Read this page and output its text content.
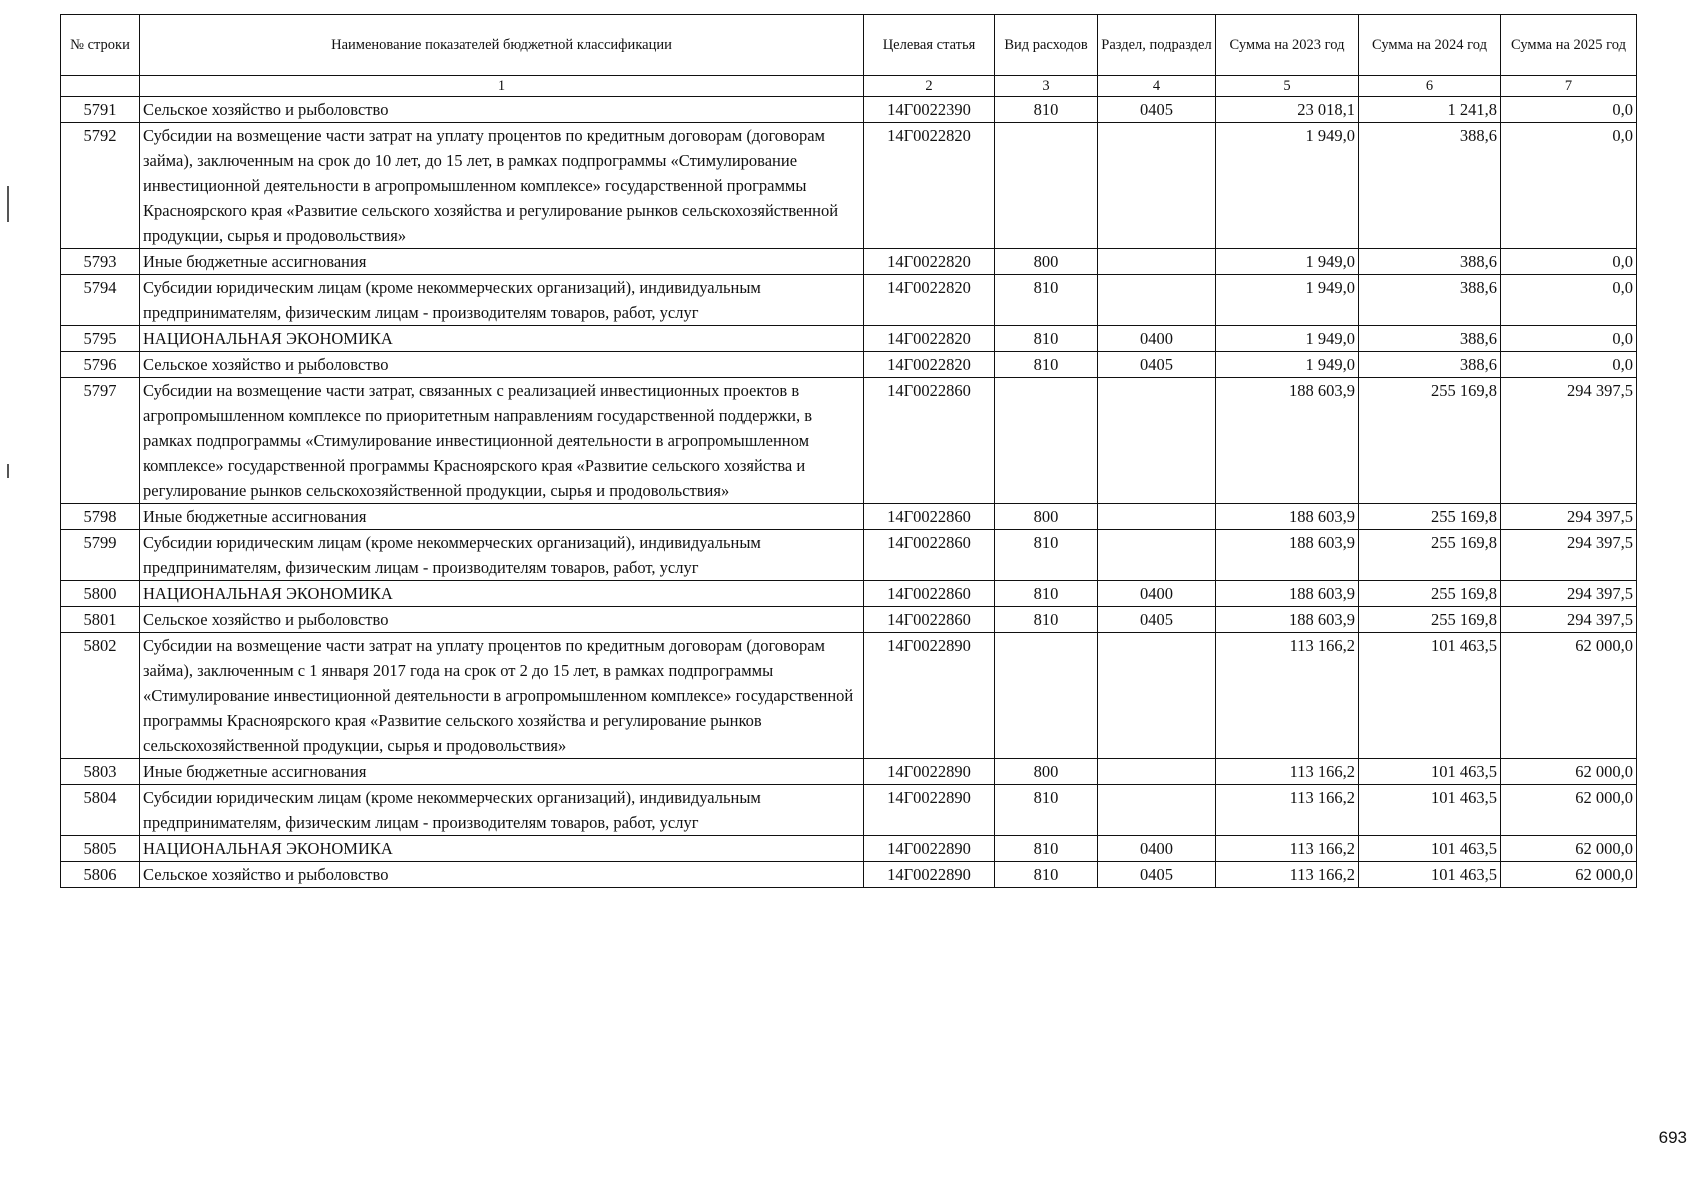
№ строки	Наименование показателей бюджетной классификации	Целевая статья	Вид расходов	Раздел, подраздел	Сумма на 2023 год	Сумма на 2024 год	Сумма на 2025 год
	1	2	3	4	5	6	7
5791	Сельское хозяйство и рыболовство	14Г0022390	810	0405	23 018,1	1 241,8	0,0
5792	Субсидии на возмещение части затрат на уплату процентов по кредитным договорам (договорам займа), заключенным на срок до 10 лет, до 15 лет, в рамках подпрограммы «Стимулирование инвестиционной деятельности в агропромышленном комплексе» государственной программы Красноярского края «Развитие сельского хозяйства и регулирование рынков сельскохозяйственной продукции, сырья и продовольствия»	14Г0022820			1 949,0	388,6	0,0
5793	Иные бюджетные ассигнования	14Г0022820	800		1 949,0	388,6	0,0
5794	Субсидии юридическим лицам (кроме некоммерческих организаций), индивидуальным предпринимателям, физическим лицам - производителям товаров, работ, услуг	14Г0022820	810		1 949,0	388,6	0,0
5795	НАЦИОНАЛЬНАЯ ЭКОНОМИКА	14Г0022820	810	0400	1 949,0	388,6	0,0
5796	Сельское хозяйство и рыболовство	14Г0022820	810	0405	1 949,0	388,6	0,0
5797	Субсидии на возмещение части затрат, связанных с реализацией инвестиционных проектов в агропромышленном комплексе по приоритетным направлениям государственной поддержки, в рамках подпрограммы «Стимулирование инвестиционной деятельности в агропромышленном комплексе» государственной программы Красноярского края «Развитие сельского хозяйства и регулирование рынков сельскохозяйственной продукции, сырья и продовольствия»	14Г0022860			188 603,9	255 169,8	294 397,5
5798	Иные бюджетные ассигнования	14Г0022860	800		188 603,9	255 169,8	294 397,5
5799	Субсидии юридическим лицам (кроме некоммерческих организаций), индивидуальным предпринимателям, физическим лицам - производителям товаров, работ, услуг	14Г0022860	810		188 603,9	255 169,8	294 397,5
5800	НАЦИОНАЛЬНАЯ ЭКОНОМИКА	14Г0022860	810	0400	188 603,9	255 169,8	294 397,5
5801	Сельское хозяйство и рыболовство	14Г0022860	810	0405	188 603,9	255 169,8	294 397,5
5802	Субсидии на возмещение части затрат на уплату процентов по кредитным договорам (договорам займа), заключенным с 1 января 2017 года на срок от 2 до 15 лет, в рамках подпрограммы «Стимулирование инвестиционной деятельности в агропромышленном комплексе» государственной программы Красноярского края «Развитие сельского хозяйства и регулирование рынков сельскохозяйственной продукции, сырья и продовольствия»	14Г0022890			113 166,2	101 463,5	62 000,0
5803	Иные бюджетные ассигнования	14Г0022890	800		113 166,2	101 463,5	62 000,0
5804	Субсидии юридическим лицам (кроме некоммерческих организаций), индивидуальным предпринимателям, физическим лицам - производителям товаров, работ, услуг	14Г0022890	810		113 166,2	101 463,5	62 000,0
5805	НАЦИОНАЛЬНАЯ ЭКОНОМИКА	14Г0022890	810	0400	113 166,2	101 463,5	62 000,0
5806	Сельское хозяйство и рыболовство	14Г0022890	810	0405	113 166,2	101 463,5	62 000,0
693
